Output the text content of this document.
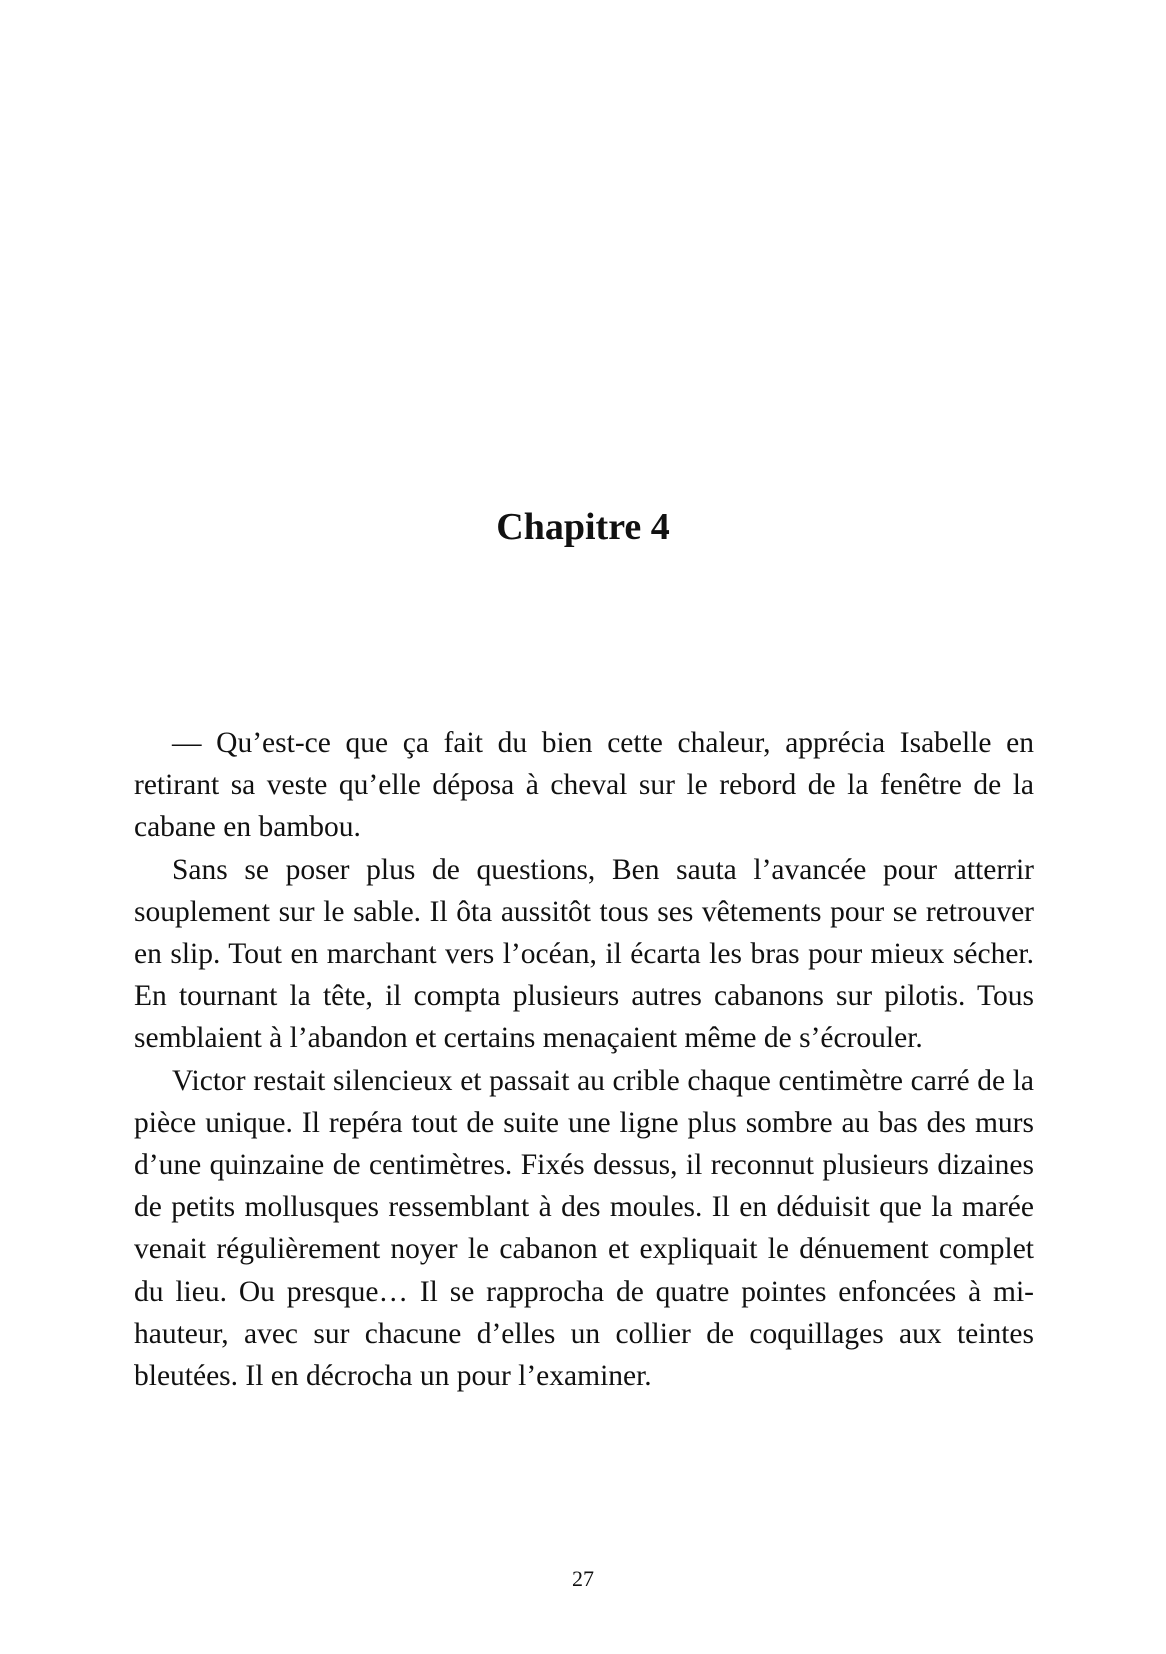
Chapitre 4

— Qu’est-ce que ça fait du bien cette chaleur, apprécia Isabelle en retirant sa veste qu’elle déposa à cheval sur le rebord de la fenêtre de la cabane en bambou.

Sans se poser plus de questions, Ben sauta l’avancée pour atterrir souplement sur le sable. Il ôta aussitôt tous ses vêtements pour se retrouver en slip. Tout en marchant vers l’océan, il écarta les bras pour mieux sécher. En tournant la tête, il compta plusieurs autres cabanons sur pilotis. Tous semblaient à l’abandon et certains menaçaient même de s’écrouler.

Victor restait silencieux et passait au crible chaque centimètre carré de la pièce unique. Il repéra tout de suite une ligne plus sombre au bas des murs d’une quinzaine de centimètres. Fixés dessus, il reconnut plusieurs dizaines de petits mollusques ressemblant à des moules. Il en déduisit que la marée venait régulièrement noyer le cabanon et expliquait le dénuement complet du lieu. Ou presque… Il se rapprocha de quatre pointes enfoncées à mi-hauteur, avec sur chacune d’elles un collier de coquillages aux teintes bleutées. Il en décrocha un pour l’examiner.

27
